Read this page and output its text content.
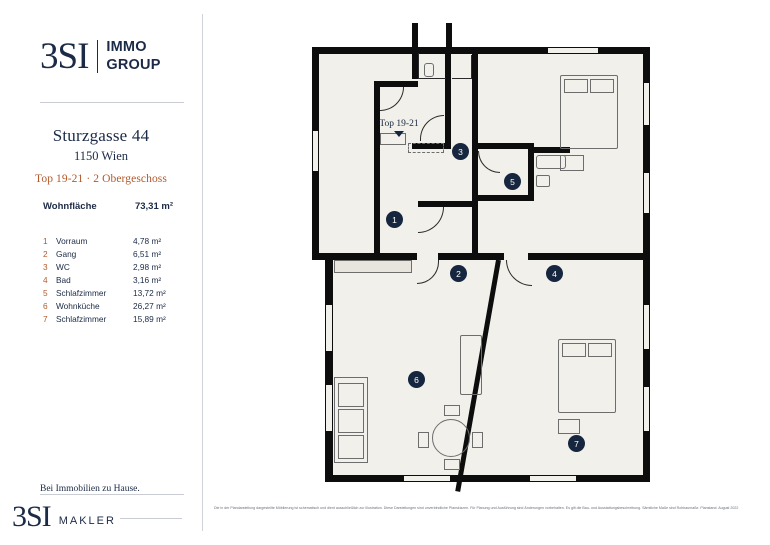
3SI IMMO
GROUP
Sturzgasse 44
1150 Wien
Top 19-21 · 2 Obergeschoss
Wohnfläche	73,31 m²
1	Vorraum	4,78 m²
2	Gang	6,51 m²
3	WC	2,98 m²
4	Bad	3,16 m²
5	Schlafzimmer	13,72 m²
6	Wohnküche	26,27 m²
7	Schlafzimmer	15,89 m²
Bei Immobilien zu Hause.
3SI MAKLER
1
2
3
4
5
6
7
Top 19-21
Die in der Plandarstellung dargestellte Möblierung ist schematisch und dient ausschließlich zur Illustration. Diese Darstellungen sind unverbindliche Planskizzen. Für Planung und Ausführung sind Änderungen vorbehalten. Es gilt die Bau- und Ausstattungsbeschreibung. Sämtliche Maße sind Rohbaumaße. Planstand: August 2022
